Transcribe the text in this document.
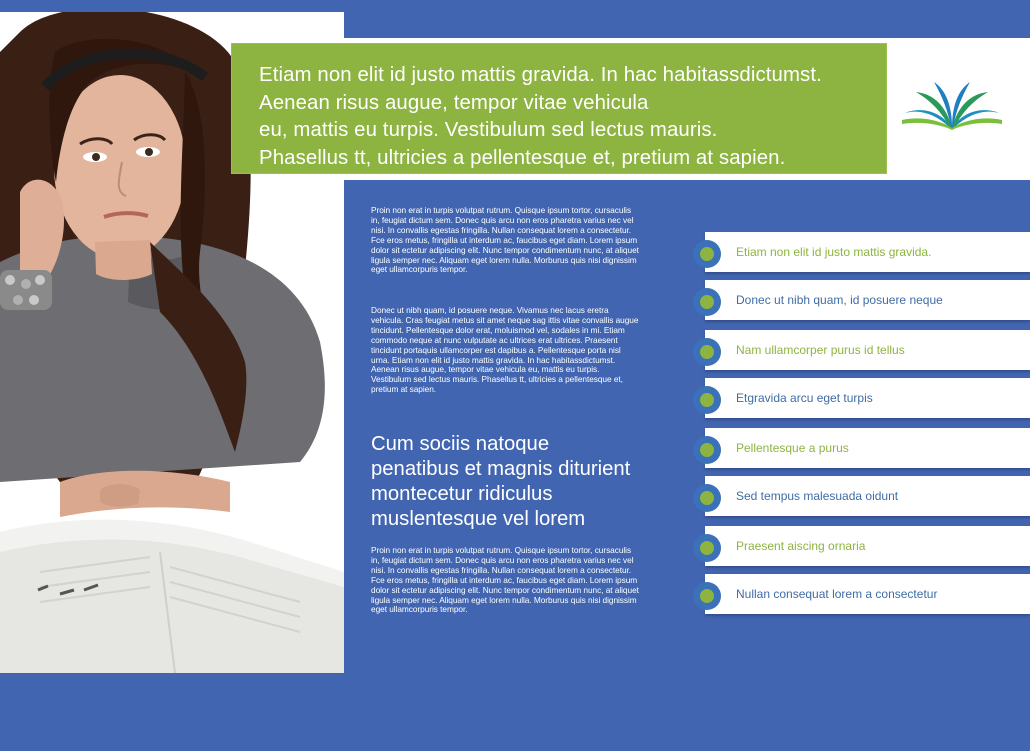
Etiam non elit id justo mattis gravida. In hac habitassdictumst.
Aenean risus augue, tempor vitae vehicula
eu, mattis eu turpis. Vestibulum sed lectus mauris.
Phasellus tt, ultricies a pellentesque et, pretium at sapien.
Proin non erat in turpis volutpat rutrum. Quisque ipsum tortor, cursaculis in, feugiat dictum sem. Donec quis arcu non eros pharetra varius nec vel nisi. In convallis egestas fringilla. Nullan consequat lorem a consectetur. Fce eros metus, fringilla ut interdum ac, faucibus eget diam. Lorem ipsum dolor sit ectetur adipiscing elit. Nunc tempor condimentum nunc, at aliquet ligula semper nec. Aliquam eget lorem nulla. Morburus quis nisi dignissim eget ullamcorpuris tempor.
Donec ut nibh quam, id posuere neque. Vivamus nec lacus eretra vehicula. Cras feugiat metus sit amet neque sag ittis vitae convallis augue tincidunt. Pellentesque dolor erat, moluismod vel, sodales in mi. Etiam commodo neque at nunc vulputate ac ultrices erat ultrices. Praesent tincidunt portaquis ullamcorper est dapibus a. Pellentesque porta nisl urna. Etiam non elit id justo mattis gravida. In hac habitassdictumst. Aenean risus augue, tempor vitae vehicula eu, mattis eu turpis. Vestibulum sed lectus mauris. Phasellus tt, ultricies a pellentesque et, pretium at sapien.
Cum sociis natoque
penatibus et magnis diturient
montecetur ridiculus
muslentesque vel lorem
Proin non erat in turpis volutpat rutrum. Quisque ipsum tortor, cursaculis in, feugiat dictum sem. Donec quis arcu non eros pharetra varius nec vel nisi. In convallis egestas fringilla. Nullan consequat lorem a consectetur. Fce eros metus, fringilla ut interdum ac, faucibus eget diam. Lorem ipsum dolor sit ectetur adipiscing elit. Nunc tempor condimentum nunc, at aliquet ligula semper nec. Aliquam eget lorem nulla. Morburus quis nisi dignissim eget ullamcorpuris tempor.
Etiam non elit id justo mattis gravida.
Donec ut nibh quam, id posuere neque
Nam ullamcorper purus id tellus
Etgravida arcu eget turpis
Pellentesque a purus
Sed tempus malesuada oidunt
Praesent aiscing ornaria
Nullan consequat lorem a consectetur
